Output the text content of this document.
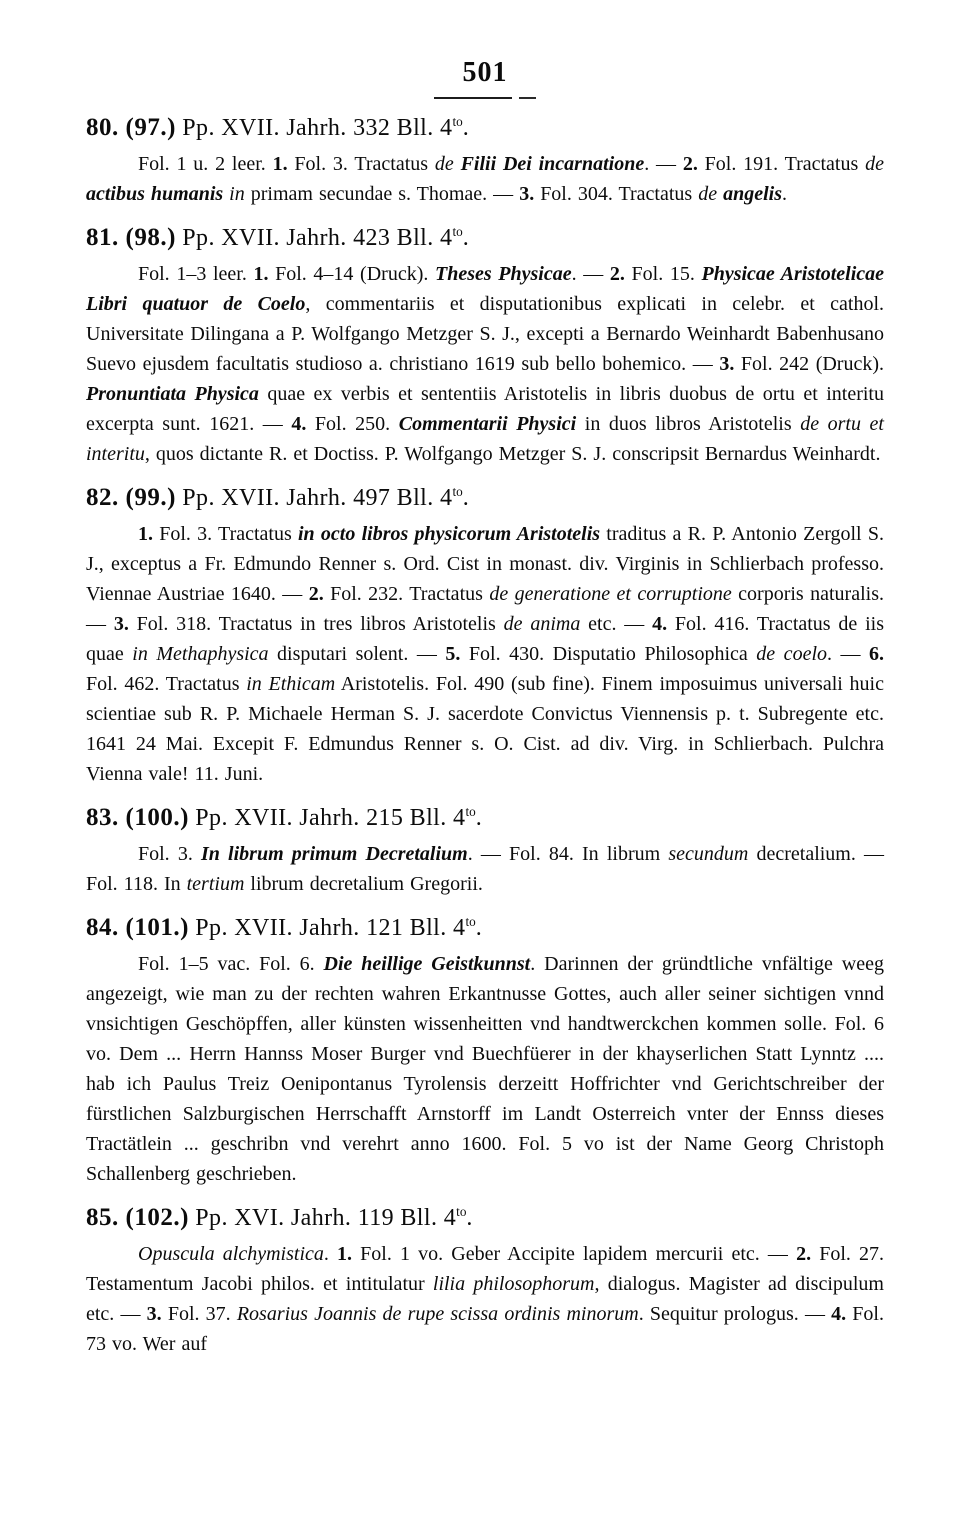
501
80. (97.) Pp. XVII. Jahrh. 332 Bll. $4^{to}$.

Fol. 1 u. 2 leer. 1. Fol. 3. Tractatus de Filii Dei incarnatione. — 2. Fol. 191. Tractatus de actibus humanis in primam secundae s. Thomae. — 3. Fol. 304. Tractatus de angelis.

81. (98.) Pp. XVII. Jahrh. 423 Bll. $4^{to}$.

Fol. 1–3 leer. 1. Fol. 4–14 (Druck). Theses Physicae. — 2. Fol. 15. Physicae Aristotelicae Libri quatuor de Coelo, commentariis et disputationibus explicati in celebr. et cathol. Universitate Dilingana a P. Wolfgango Metzger S. J., excepti a Bernardo Weinhardt Babenhusano Suevo ejusdem facultatis studioso a. christiano 1619 sub bello bohemico. — 3. Fol. 242 (Druck). Pronuntiata Physica quae ex verbis et sententiis Aristotelis in libris duobus de ortu et interitu excerpta sunt. 1621. — 4. Fol. 250. Commentarii Physici in duos libros Aristotelis de ortu et interitu, quos dictante R. et Doctiss. P. Wolfgango Metzger S. J. conscripsit Bernardus Weinhardt.

82. (99.) Pp. XVII. Jahrh. 497 Bll. $4^{to}$.

1. Fol. 3. Tractatus in octo libros physicorum Aristotelis traditus a R. P. Antonio Zergoll S. J., exceptus a Fr. Edmundo Renner s. Ord. Cist in monast. div. Virginis in Schlierbach professo. Viennae Austriae 1640. — 2. Fol. 232. Tractatus de generatione et corruptione corporis naturalis. — 3. Fol. 318. Tractatus in tres libros Aristotelis de anima etc. — 4. Fol. 416. Tractatus de iis quae in Methaphysica disputari solent. — 5. Fol. 430. Disputatio Philosophica de coelo. — 6. Fol. 462. Tractatus in Ethicam Aristotelis. Fol. 490 (sub fine). Finem imposuimus universali huic scientiae sub R. P. Michaele Herman S. J. sacerdote Convictus Viennensis p. t. Subregente etc. 1641 24 Mai. Excepit F. Edmundus Renner s. O. Cist. ad div. Virg. in Schlierbach. Pulchra Vienna vale! 11. Juni.

83. (100.) Pp. XVII. Jahrh. 215 Bll. $4^{to}$.

Fol. 3. In librum primum Decretalium. — Fol. 84. In librum secundum decretalium. — Fol. 118. In tertium librum decretalium Gregorii.

84. (101.) Pp. XVII. Jahrh. 121 Bll. $4^{to}$.

Fol. 1–5 vac. Fol. 6. Die heillige Geistkunnst. Darinnen der gründtliche vnfältige weeg angezeigt, wie man zu der rechten wahren Erkantnusse Gottes, auch aller seiner sichtigen vnnd vnsichtigen Geschöpffen, aller künsten wissenheitten vnd handtwerckchen kommen solle. Fol. 6 vo. Dem ... Herrn Hannss Moser Burger vnd Buechfüerer in der khayserlichen Statt Lynntz .... hab ich Paulus Treiz Oenipontanus Tyrolensis derzeitt Hoffrichter vnd Gerichtschreiber der fürstlichen Salzburgischen Herrschafft Arnstorff im Landt Osterreich vnter der Ennss dieses Tractätlein ... geschribn vnd verehrt anno 1600. Fol. 5 vo ist der Name Georg Christoph Schallenberg geschrieben.

85. (102.) Pp. XVI. Jahrh. 119 Bll. $4^{to}$.

Opuscula alchymistica. 1. Fol. 1 vo. Geber Accipite lapidem mercurii etc. — 2. Fol. 27. Testamentum Jacobi philos. et intitulatur lilia philosophorum, dialogus. Magister ad discipulum etc. — 3. Fol. 37. Rosarius Joannis de rupe scissa ordinis minorum. Sequitur prologus. — 4. Fol. 73 vo. Wer auf
